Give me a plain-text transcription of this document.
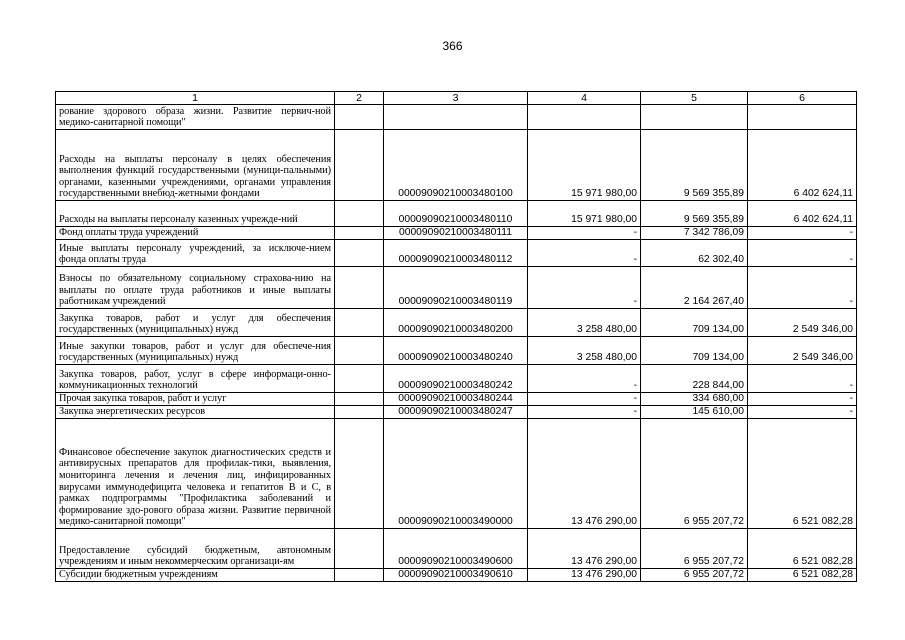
366
1	2	3	4	5	6
рование здорового образа жизни. Развитие первич-ной медико-санитарной помощи"					
Расходы на выплаты персоналу в целях обеспечения выполнения функций государственными (муници-пальными) органами, казенными учреждениями, органами управления государственными внебюд-жетными фондами		00009090210003480100	15 971 980,00	9 569 355,89	6 402 624,11
Расходы на выплаты персоналу казенных учрежде-ний		00009090210003480110	15 971 980,00	9 569 355,89	6 402 624,11
Фонд оплаты труда учреждений		00009090210003480111	-	7 342 786,09	-
Иные выплаты персоналу учреждений, за исключе-нием фонда оплаты труда		00009090210003480112	-	62 302,40	-
Взносы по обязательному социальному страхова-нию на выплаты по оплате труда работников и иные выплаты работникам учреждений		00009090210003480119	-	2 164 267,40	-
Закупка товаров, работ и услуг для обеспечения государственных (муниципальных) нужд		00009090210003480200	3 258 480,00	709 134,00	2 549 346,00
Иные закупки товаров, работ и услуг для обеспече-ния государственных (муниципальных) нужд		00009090210003480240	3 258 480,00	709 134,00	2 549 346,00
Закупка товаров, работ, услуг в сфере информаци-онно-коммуникационных технологий		00009090210003480242	-	228 844,00	-
Прочая закупка товаров, работ и услуг		00009090210003480244	-	334 680,00	-
Закупка энергетических ресурсов		00009090210003480247	-	145 610,00	-
Финансовое обеспечение закупок диагностических средств и антивирусных препаратов для профилак-тики, выявления, мониторинга лечения и лечения лиц, инфицированных вирусами иммунодефицита человека и гепатитов B и C, в рамках подпрограммы "Профилактика заболеваний и формирование здо-рового образа жизни. Развитие первичной медико-санитарной помощи"		00009090210003490000	13 476 290,00	6 955 207,72	6 521 082,28
Предоставление субсидий бюджетным, автономным учреждениям и иным некоммерческим организаци-ям		00009090210003490600	13 476 290,00	6 955 207,72	6 521 082,28
Субсидии бюджетным учреждениям		00009090210003490610	13 476 290,00	6 955 207,72	6 521 082,28
